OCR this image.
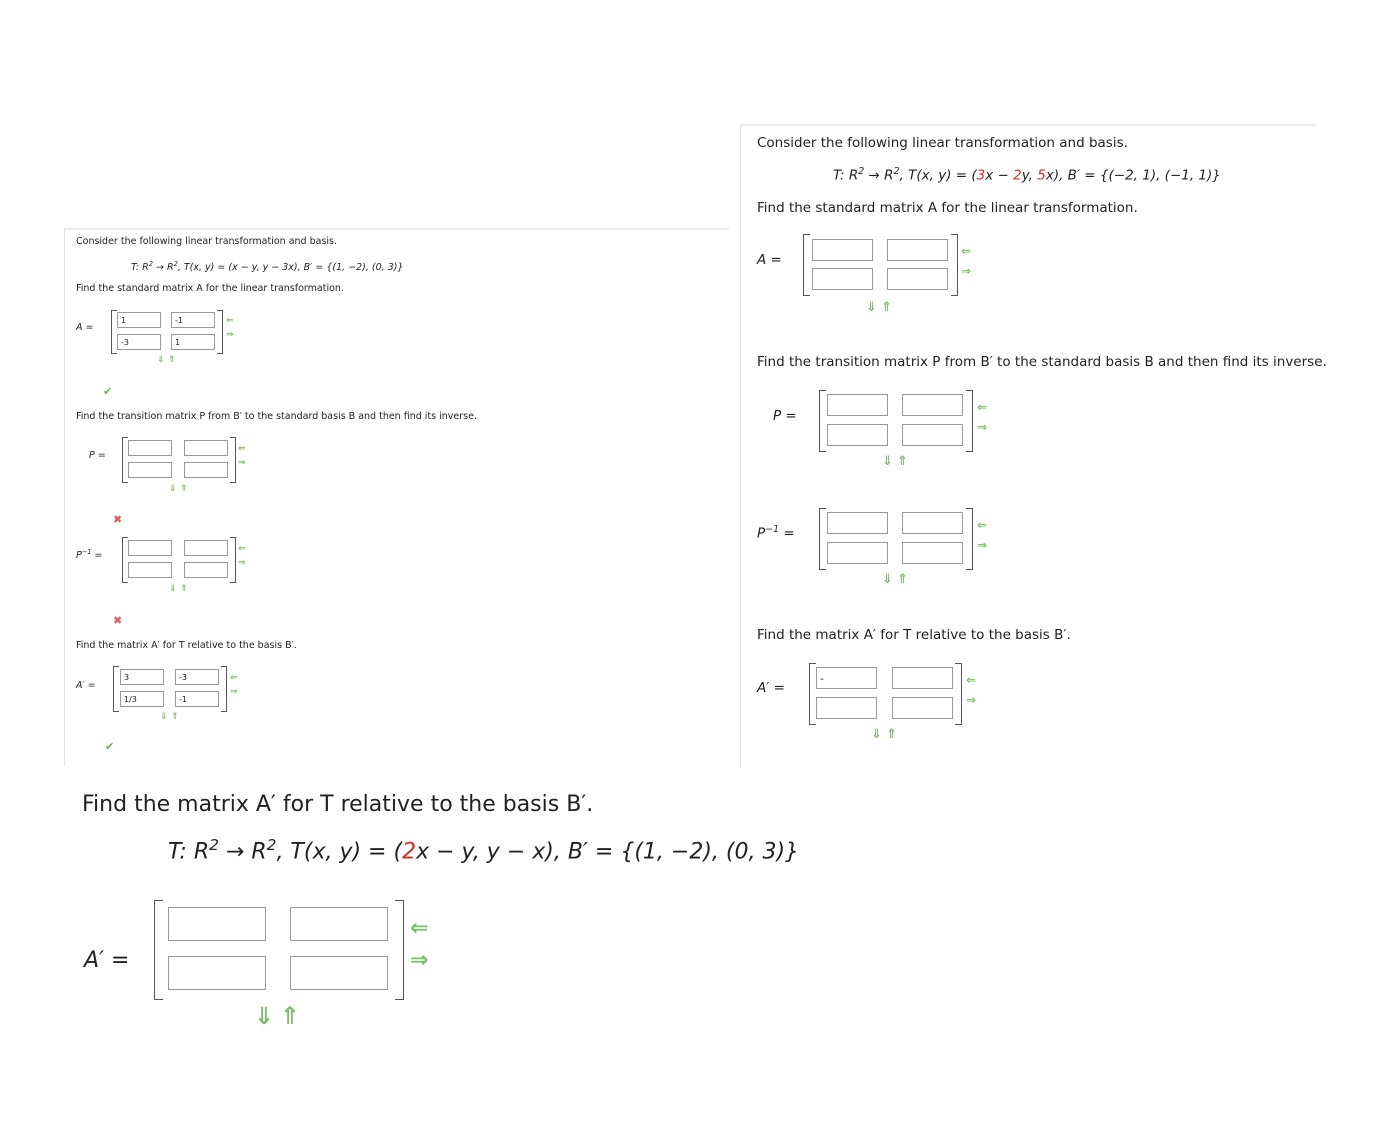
Consider the following linear transformation and basis.
T: $R^2 \to R^2$, T(x, y) = (x − y, y − 3x), B′ = {(1, −2), (0, 3)}
Find the standard matrix A for the linear transformation.
A =
1
-1
-3
1
⇐
⇒
⇓ ⇑
✔
Find the transition matrix P from B′ to the standard basis B and then find its inverse.
P =
⇐
⇒
⇓ ⇑
✖
$P^{-1}$ =
⇐
⇒
⇓ ⇑
✖
Find the matrix A′ for T relative to the basis B′.
A′ =
3
-3
1/3
-1
⇐
⇒
⇓ ⇑
✔
Consider the following linear transformation and basis.
T: $R^2 \to R^2$, T(x, y) = (3x − 2y, 5x), B′ = {(−2, 1), (−1, 1)}
Find the standard matrix A for the linear transformation.
A =
⇐
⇒
⇓ ⇑
Find the transition matrix P from B′ to the standard basis B and then find its inverse.
P =
⇐
⇒
⇓ ⇑
$P^{-1}$ =
⇐
⇒
⇓ ⇑
Find the matrix A′ for T relative to the basis B′.
A′ =
-	⇐
⇒
⇓ ⇑
Find the matrix A′ for T relative to the basis B′.
T: $R^2 \to R^2$, T(x, y) = (2x − y, y − x), B′ = {(1, −2), (0, 3)}
A′ =
⇐
⇒
⇓ ⇑
